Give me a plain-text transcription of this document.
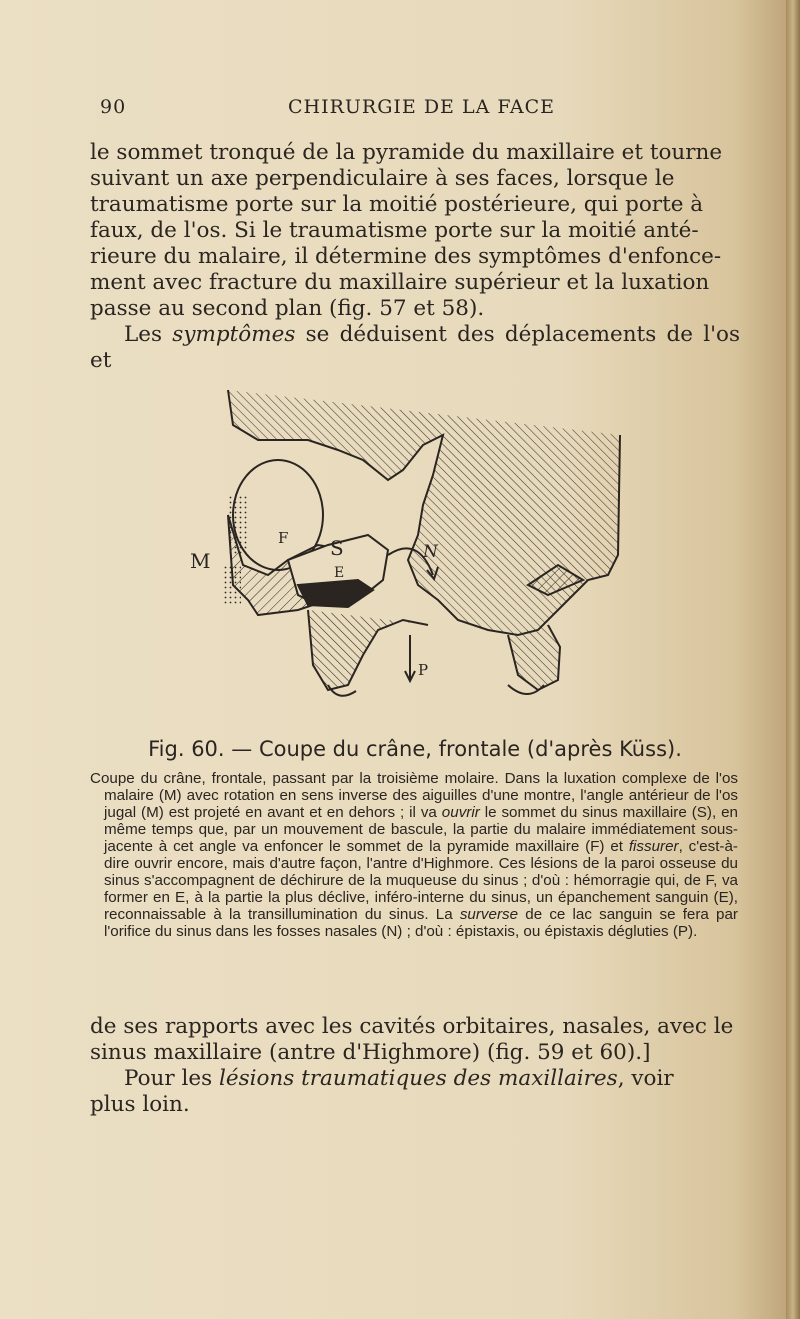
90	CHIRURGIE DE LA FACE

le sommet tronqué de la pyramide du maxillaire et tourne

suivant un axe perpendiculaire à ses faces, lorsque le

traumatisme porte sur la moitié postérieure, qui porte à

faux, de l'os. Si le traumatisme porte sur la moitié anté-

rieure du malaire, il détermine des symptômes d'enfonce-

ment avec fracture du maxillaire supérieur et la luxation

passe au second plan (fig. 57 et 58).

Les symptômes se déduisent des déplacements de l'os et

M
F S
E
N
P
Fig. 60. — Coupe du crâne, frontale (d'après Küss).

Coupe du crâne, frontale, passant par la troisième molaire. Dans la luxation complexe de l'os malaire (M) avec rotation en sens inverse des aiguilles d'une montre, l'angle antérieur de l'os jugal (M) est projeté en avant et en dehors ; il va ouvrir le sommet du sinus maxillaire (S), en même temps que, par un mouvement de bascule, la partie du malaire immédiatement sous-jacente à cet angle va enfoncer le sommet de la pyramide maxillaire (F) et fissurer, c'est-à-dire ouvrir encore, mais d'autre façon, l'antre d'Highmore. Ces lésions de la paroi osseuse du sinus s'accompagnent de déchirure de la muqueuse du sinus ; d'où : hémorragie qui, de F, va former en E, à la partie la plus déclive, inféro-interne du sinus, un épanchement sanguin (E), reconnaissable à la transillumination du sinus. La surverse de ce lac sanguin se fera par l'orifice du sinus dans les fosses nasales (N) ; d'où : épistaxis, ou épistaxis dégluties (P).

de ses rapports avec les cavités orbitaires, nasales, avec le

sinus maxillaire (antre d'Highmore) (fig. 59 et 60).]

Pour les lésions traumatiques des maxillaires, voir

plus loin.
